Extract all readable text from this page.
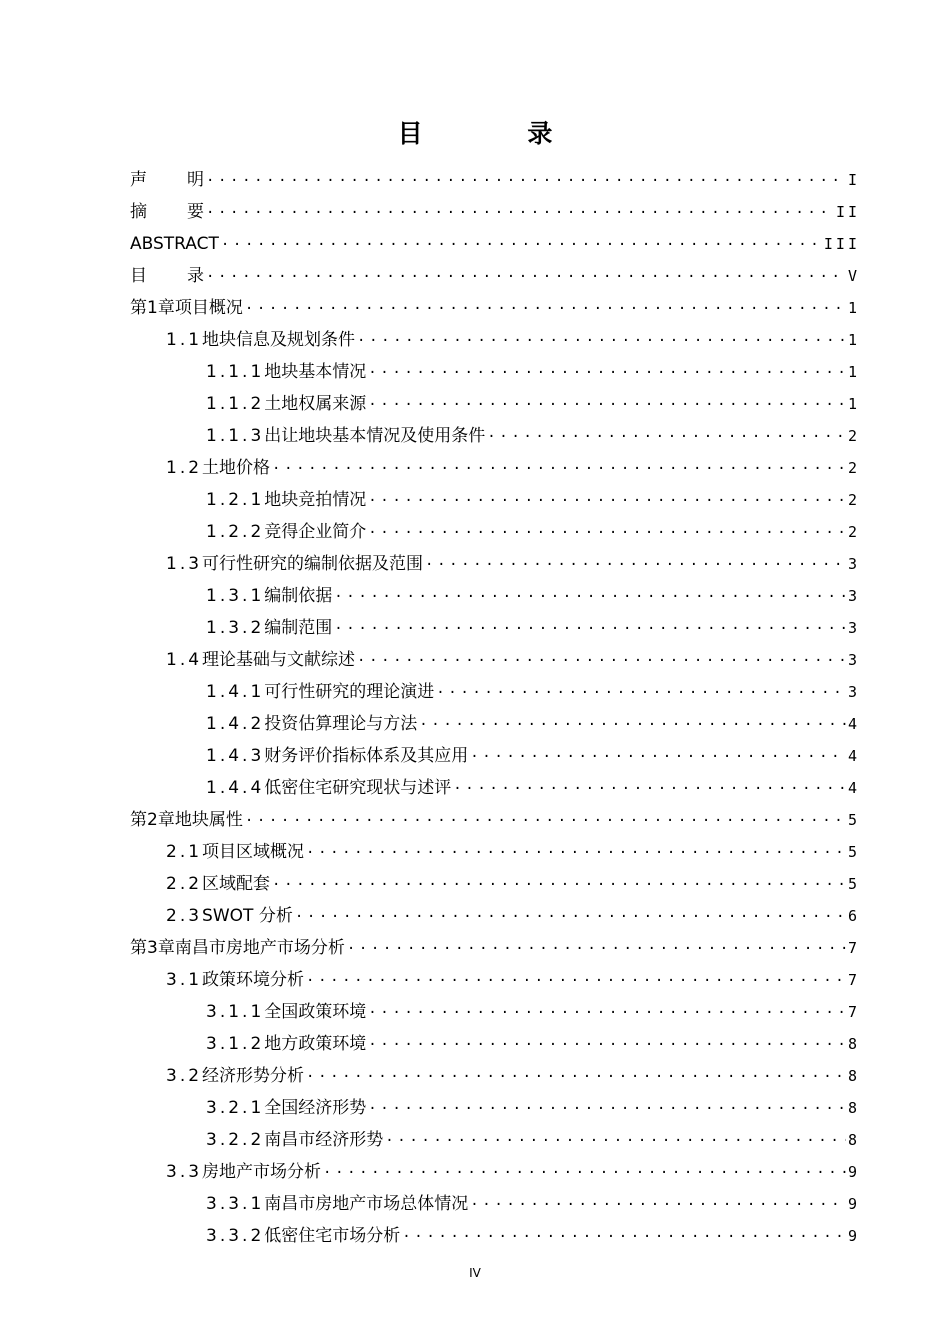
目 录
声明 .....	I
摘要 .....	II
ABSTRACT .....	III
目录 .....	V
第1章 项目概况 .....	1
1.1 地块信息及规划条件 .....	1
1.1.1 地块基本情况 .....	1
1.1.2 土地权属来源 .....	1
1.1.3 出让地块基本情况及使用条件 .....	2
1.2 土地价格 .....	2
1.2.1 地块竞拍情况 .....	2
1.2.2 竞得企业简介 .....	2
1.3 可行性研究的编制依据及范围 .....	3
1.3.1 编制依据 .....	3
1.3.2 编制范围 .....	3
1.4 理论基础与文献综述 .....	3
1.4.1 可行性研究的理论演进 .....	3
1.4.2 投资估算理论与方法 .....	4
1.4.3 财务评价指标体系及其应用 .....	4
1.4.4 低密住宅研究现状与述评 .....	4
第2章 地块属性 .....	5
2.1 项目区域概况 .....	5
2.2 区域配套 .....	5
2.3 SWOT 分析 .....	6
第3章 南昌市房地产市场分析 .....	7
3.1 政策环境分析 .....	7
3.1.1 全国政策环境 .....	7
3.1.2 地方政策环境 .....	8
3.2 经济形势分析 .....	8
3.2.1 全国经济形势 .....	8
3.2.2 南昌市经济形势 .....	8
3.3 房地产市场分析 .....	9
3.3.1 南昌市房地产市场总体情况 .....	9
3.3.2 低密住宅市场分析 .....	9
IV
